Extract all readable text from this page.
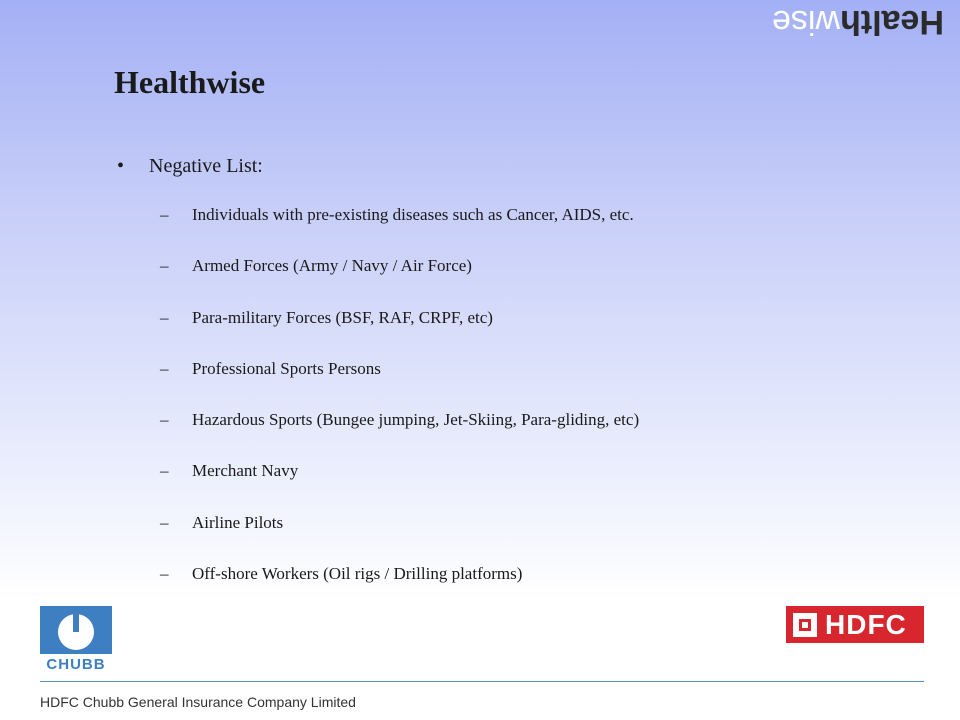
Healthwise
Healthwise
• Negative List:
– Individuals with pre-existing diseases such as Cancer, AIDS, etc.
– Armed Forces (Army / Navy / Air Force)
– Para-military Forces (BSF, RAF, CRPF, etc)
– Professional Sports Persons
– Hazardous Sports (Bungee jumping, Jet-Skiing, Para-gliding, etc)
– Merchant Navy
– Airline Pilots
– Off-shore Workers (Oil rigs / Drilling platforms)
CHUBB
HDFC
HDFC Chubb General Insurance Company Limited
